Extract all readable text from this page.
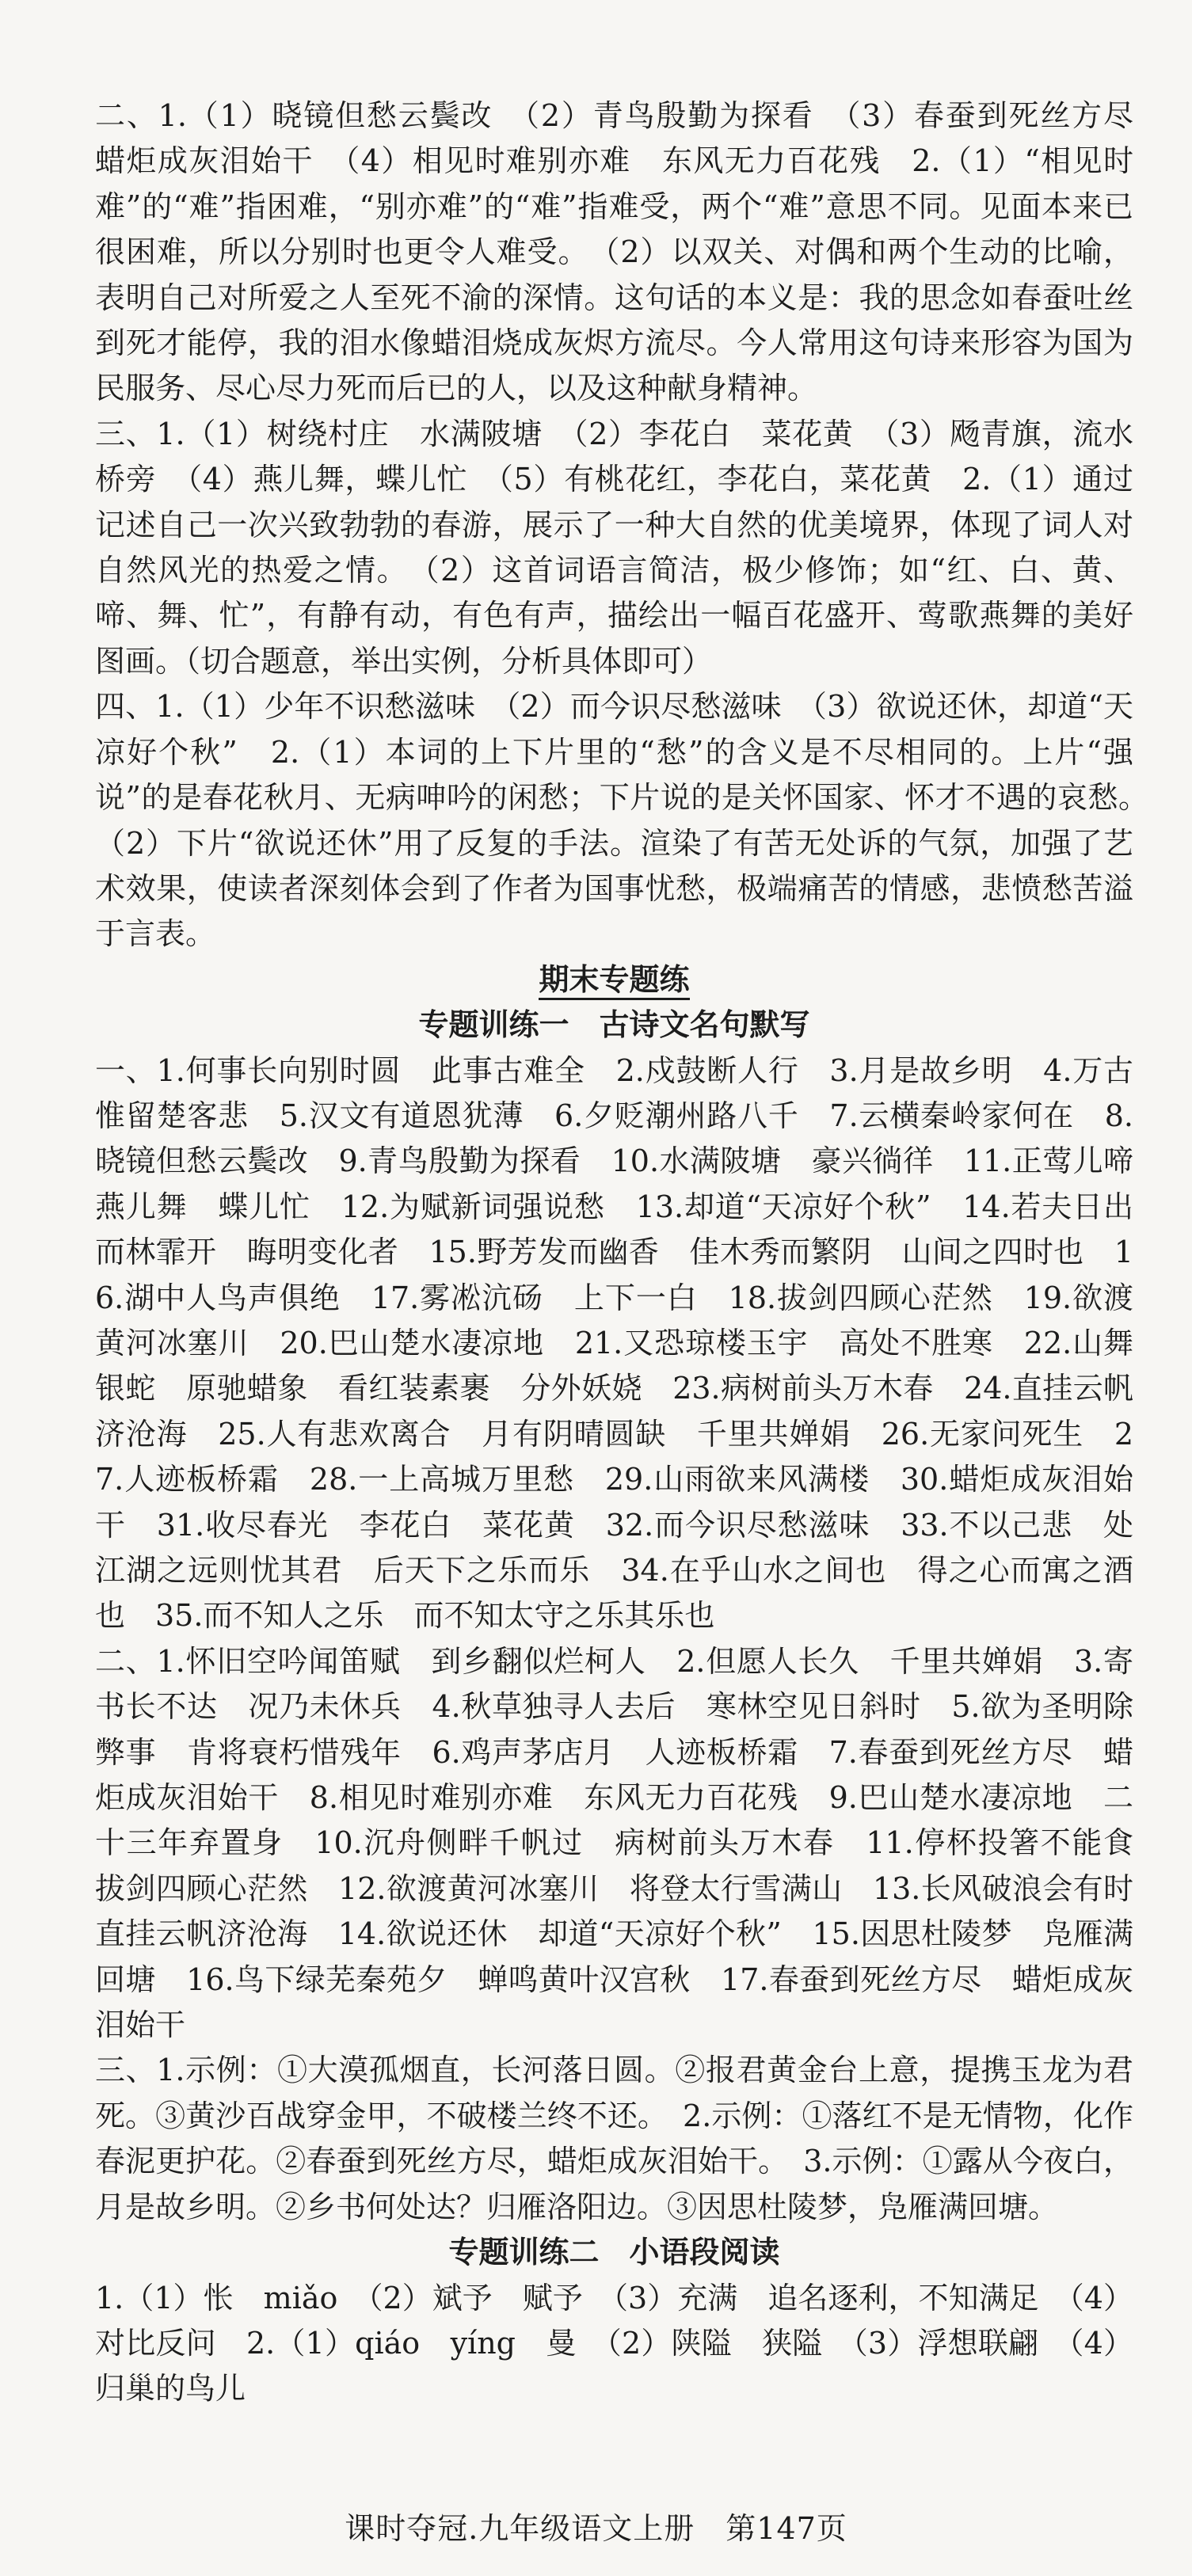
二、1.（1）晓镜但愁云鬓改　（2）青鸟殷勤为探看　（3）春蚕到死丝方尽　蜡炬成灰泪始干　（4）相见时难别亦难　东风无力百花残　2.（1）“相见时难”的“难”指困难，“别亦难”的“难”指难受，两个“难”意思不同。见面本来已很困难，所以分别时也更令人难受。　（2）以双关、对偶和两个生动的比喻，表明自己对所爱之人至死不渝的深情。这句话的本义是：我的思念如春蚕吐丝到死才能停，我的泪水像蜡泪烧成灰烬方流尽。今人常用这句诗来形容为国为民服务、尽心尽力死而后已的人，以及这种献身精神。

三、1.（1）树绕村庄　水满陂塘　（2）李花白　菜花黄　（3）飏青旗，流水桥旁　（4）燕儿舞，蝶儿忙　（5）有桃花红，李花白，菜花黄　2.（1）通过记述自己一次兴致勃勃的春游，展示了一种大自然的优美境界，体现了词人对自然风光的热爱之情。　（2）这首词语言简洁，极少修饰；如“红、白、黄、啼、舞、忙”，有静有动，有色有声，描绘出一幅百花盛开、莺歌燕舞的美好图画。（切合题意，举出实例，分析具体即可）

四、1.（1）少年不识愁滋味　（2）而今识尽愁滋味　（3）欲说还休，却道“天凉好个秋”　2.（1）本词的上下片里的“愁”的含义是不尽相同的。上片“强说”的是春花秋月、无病呻吟的闲愁；下片说的是关怀国家、怀才不遇的哀愁。　（2）下片“欲说还休”用了反复的手法。渲染了有苦无处诉的气氛，加强了艺术效果，使读者深刻体会到了作者为国事忧愁，极端痛苦的情感，悲愤愁苦溢于言表。

期末专题练

专题训练一　古诗文名句默写

一、1.何事长向别时圆　此事古难全　2.戍鼓断人行　3.月是故乡明　4.万古惟留楚客悲　5.汉文有道恩犹薄　6.夕贬潮州路八千　7.云横秦岭家何在　8.晓镜但愁云鬓改　9.青鸟殷勤为探看　10.水满陂塘　豪兴徜徉　11.正莺儿啼　燕儿舞　蝶儿忙　12.为赋新词强说愁　13.却道“天凉好个秋”　14.若夫日出而林霏开　晦明变化者　15.野芳发而幽香　佳木秀而繁阴　山间之四时也　16.湖中人鸟声俱绝　17.雾凇沆砀　上下一白　18.拔剑四顾心茫然　19.欲渡黄河冰塞川　20.巴山楚水凄凉地　21.又恐琼楼玉宇　高处不胜寒　22.山舞银蛇　原驰蜡象　看红装素裹　分外妖娆　23.病树前头万木春　24.直挂云帆济沧海　25.人有悲欢离合　月有阴晴圆缺　千里共婵娟　26.无家问死生　27.人迹板桥霜　28.一上高城万里愁　29.山雨欲来风满楼　30.蜡炬成灰泪始干　31.收尽春光　李花白　菜花黄　32.而今识尽愁滋味　33.不以己悲　处江湖之远则忧其君　后天下之乐而乐　34.在乎山水之间也　得之心而寓之酒也　35.而不知人之乐　而不知太守之乐其乐也

二、1.怀旧空吟闻笛赋　到乡翻似烂柯人　2.但愿人长久　千里共婵娟　3.寄书长不达　况乃未休兵　4.秋草独寻人去后　寒林空见日斜时　5.欲为圣明除弊事　肯将衰朽惜残年　6.鸡声茅店月　人迹板桥霜　7.春蚕到死丝方尽　蜡炬成灰泪始干　8.相见时难别亦难　东风无力百花残　9.巴山楚水凄凉地　二十三年弃置身　10.沉舟侧畔千帆过　病树前头万木春　11.停杯投箸不能食　拔剑四顾心茫然　12.欲渡黄河冰塞川　将登太行雪满山　13.长风破浪会有时　直挂云帆济沧海　14.欲说还休　却道“天凉好个秋”　15.因思杜陵梦　凫雁满回塘　16.鸟下绿芜秦苑夕　蝉鸣黄叶汉宫秋　17.春蚕到死丝方尽　蜡炬成灰泪始干

三、1.示例：①大漠孤烟直，长河落日圆。②报君黄金台上意，提携玉龙为君死。③黄沙百战穿金甲，不破楼兰终不还。　2.示例：①落红不是无情物，化作春泥更护花。②春蚕到死丝方尽，蜡炬成灰泪始干。　3.示例：①露从今夜白，月是故乡明。②乡书何处达？归雁洛阳边。③因思杜陵梦，凫雁满回塘。

专题训练二　小语段阅读

1.（1）怅　miǎo　（2）斌予　赋予　（3）充满　追名逐利，不知满足　（4）对比反问　2.（1）qiáo　yíng　曼　（2）陕隘　狭隘　（3）浮想联翩　（4）归巢的鸟儿

课时夺冠.九年级语文上册　第147页
